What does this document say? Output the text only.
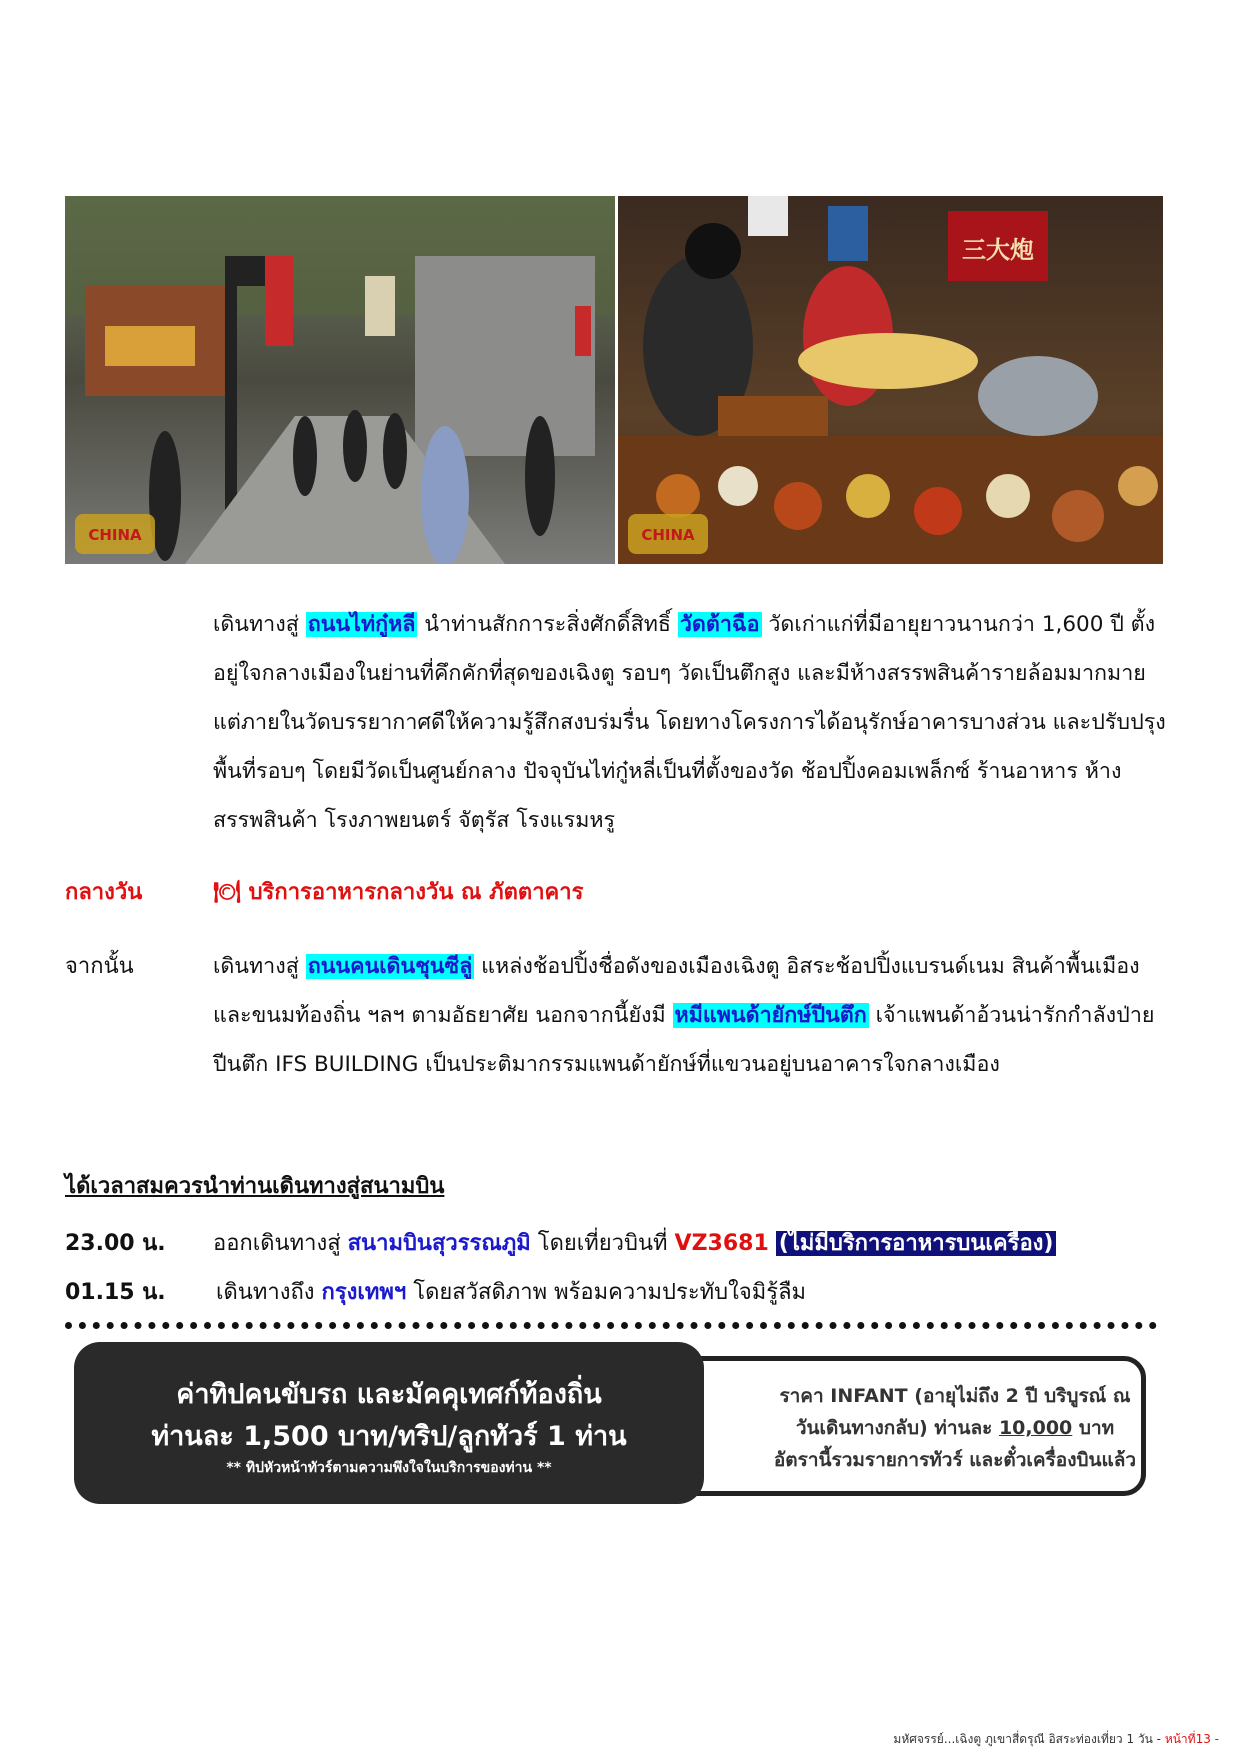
CHINA
三大炮
CHINA
เดินทางสู่ ถนนไท่กู๋หลี นำท่านสักการะสิ่งศักดิ์สิทธิ์ วัดต้าฉือ วัดเก่าแก่ที่มีอายุยาวนานกว่า 1,600 ปี ตั้งอยู่ใจกลางเมืองในย่านที่คึกคักที่สุดของเฉิงตู รอบๆ วัดเป็นตึกสูง และมีห้างสรรพสินค้ารายล้อมมากมาย แต่ภายในวัดบรรยากาศดีให้ความรู้สึกสงบร่มรื่น โดยทางโครงการได้อนุรักษ์อาคารบางส่วน และปรับปรุงพื้นที่รอบๆ โดยมีวัดเป็นศูนย์กลาง ปัจจุบันไท่กู๋หลี่เป็นที่ตั้งของวัด ช้อปปิ้งคอมเพล็กซ์ ร้านอาหาร ห้างสรรพสินค้า โรงภาพยนตร์ จัตุรัส โรงแรมหรู
กลางวัน	🍽 บริการอาหารกลางวัน ณ ภัตตาคาร
จากนั้น	เดินทางสู่ ถนนคนเดินชุนซีลู่ แหล่งช้อปปิ้งชื่อดังของเมืองเฉิงตู อิสระช้อปปิ้งแบรนด์เนม สินค้าพื้นเมือง และขนมท้องถิ่น ฯลฯ ตามอัธยาศัย นอกจากนี้ยังมี หมีแพนด้ายักษ์ปีนตึก เจ้าแพนด้าอ้วนน่ารักกำลังป่ายปีนตึก IFS BUILDING เป็นประติมากรรมแพนด้ายักษ์ที่แขวนอยู่บนอาคารใจกลางเมือง
ได้เวลาสมควรนำท่านเดินทางสู่สนามบิน
23.00 น. ออกเดินทางสู่ สนามบินสุวรรณภูมิ โดยเที่ยวบินที่ VZ3681 (ไม่มีบริการอาหารบนเครื่อง)
01.15 น. เดินทางถึง กรุงเทพฯ โดยสวัสดิภาพ พร้อมความประทับใจมิรู้ลืม
ราคา INFANT (อายุไม่ถึง 2 ปี บริบูรณ์ ณ
วันเดินทางกลับ) ท่านละ 10,000 บาท
อัตรานี้รวมรายการทัวร์ และตั๋วเครื่องบินแล้ว
ค่าทิปคนขับรถ และมัคคุเทศก์ท้องถิ่น
ท่านละ 1,500 บาท/ทริป/ลูกทัวร์ 1 ท่าน
** ทิปหัวหน้าทัวร์ตามความพึงใจในบริการของท่าน **
มหัศจรรย์...เฉิงตู ภูเขาสี่ดรุณี อิสระท่องเที่ยว 1 วัน - หน้าที่13 -
